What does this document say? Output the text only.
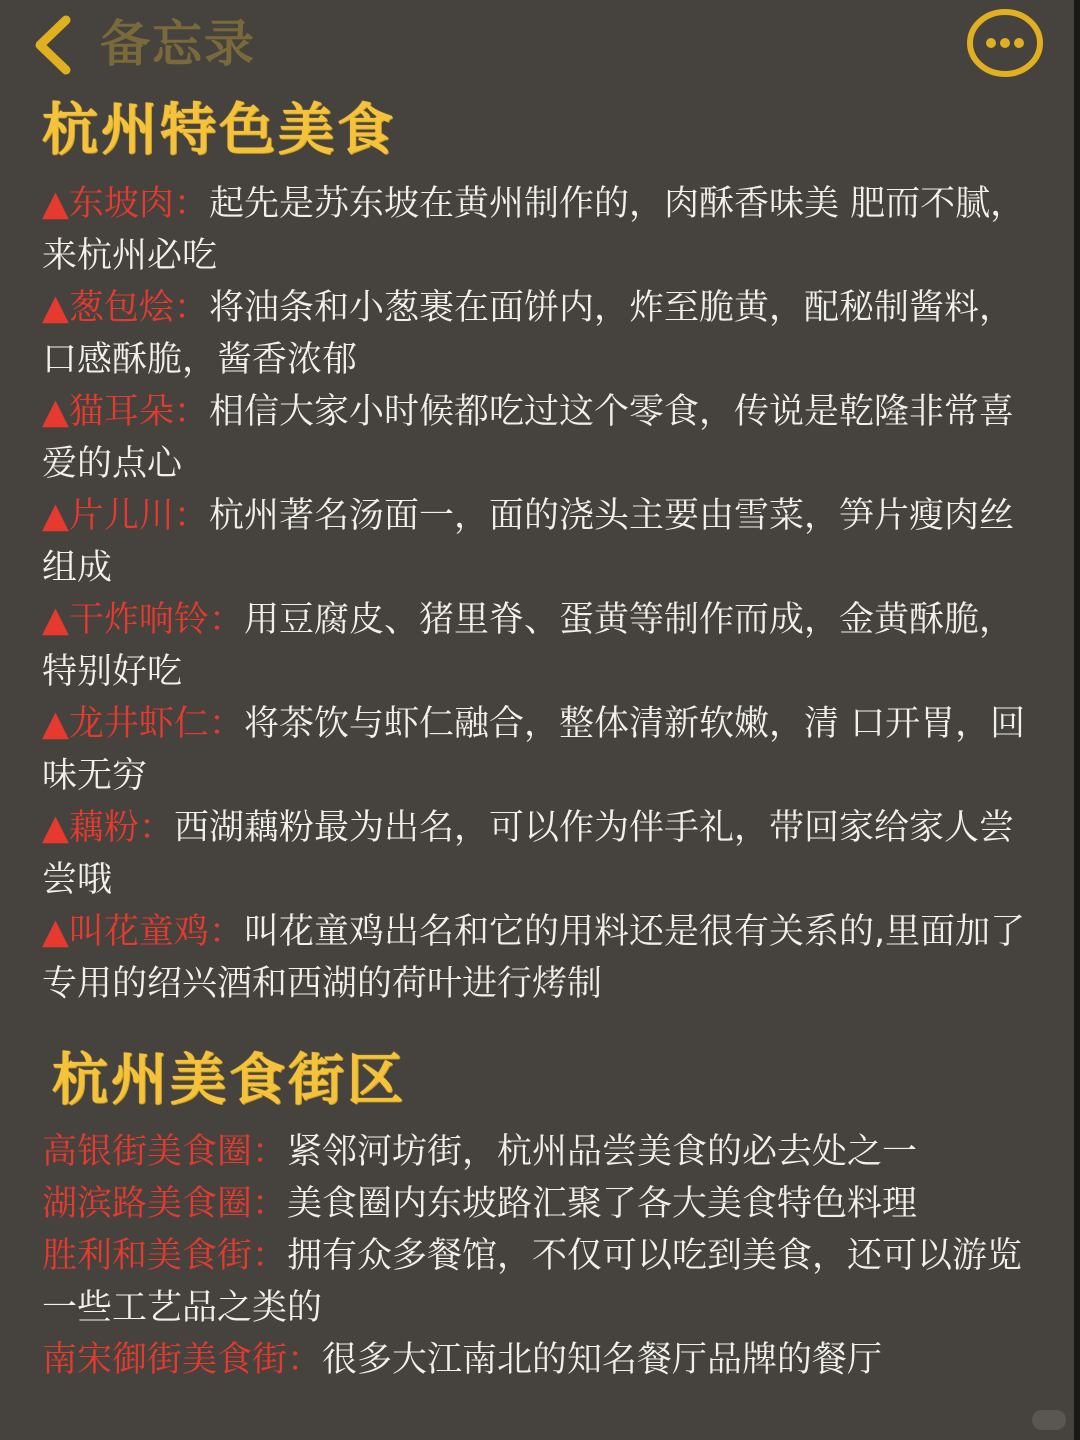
备忘录
杭州特色美食
▲东坡肉：起先是苏东坡在黄州制作的，肉酥香味美 肥而不腻，来杭州必吃
▲葱包烩：将油条和小葱裹在面饼内，炸至脆黄，配秘制酱料，口感酥脆，酱香浓郁
▲猫耳朵：相信大家小时候都吃过这个零食，传说是乾隆非常喜爱的点心
▲片儿川：杭州著名汤面一，面的浇头主要由雪菜，笋片瘦肉丝组成
▲干炸响铃：用豆腐皮、猪里脊、蛋黄等制作而成，金黄酥脆，特别好吃
▲龙井虾仁：将茶饮与虾仁融合，整体清新软嫩，清 口开胃，回味无穷
▲藕粉：西湖藕粉最为出名，可以作为伴手礼，带回家给家人尝尝哦
▲叫花童鸡：叫花童鸡出名和它的用料还是很有关系的,里面加了专用的绍兴酒和西湖的荷叶进行烤制
杭州美食街区
高银街美食圈：紧邻河坊街，杭州品尝美食的必去处之一
湖滨路美食圈：美食圈内东坡路汇聚了各大美食特色料理
胜利和美食街：拥有众多餐馆，不仅可以吃到美食，还可以游览一些工艺品之类的
南宋御街美食街：很多大江南北的知名餐厅品牌的餐厅
